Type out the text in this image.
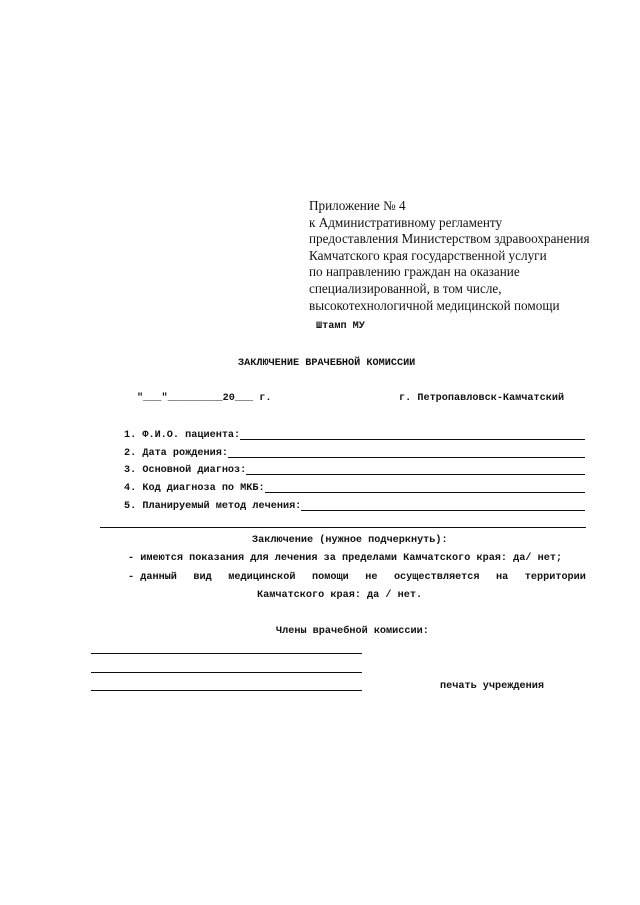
Приложение № 4
к Административному регламенту
предоставления Министерством здравоохранения
Камчатского края государственной услуги
по направлению граждан на оказание
специализированной, в том числе,
высокотехнологичной медицинской помощи
Штамп МУ
ЗАКЛЮЧЕНИЕ ВРАЧЕБНОЙ КОМИССИИ
"___"_________20___ г.	г. Петропавловск-Камчатский
1. Ф.И.О. пациента:
2. Дата рождения:
3. Основной диагноз:
4. Код диагноза по МКБ:
5. Планируемый метод лечения:
Заключение (нужное подчеркнуть):
- имеются показания для лечения за пределами Камчатского края: да/ нет;
- данный вид медицинской помощи не осуществляется на территории
Камчатского края: да / нет.
Члены врачебной комиссии:
печать учреждения
